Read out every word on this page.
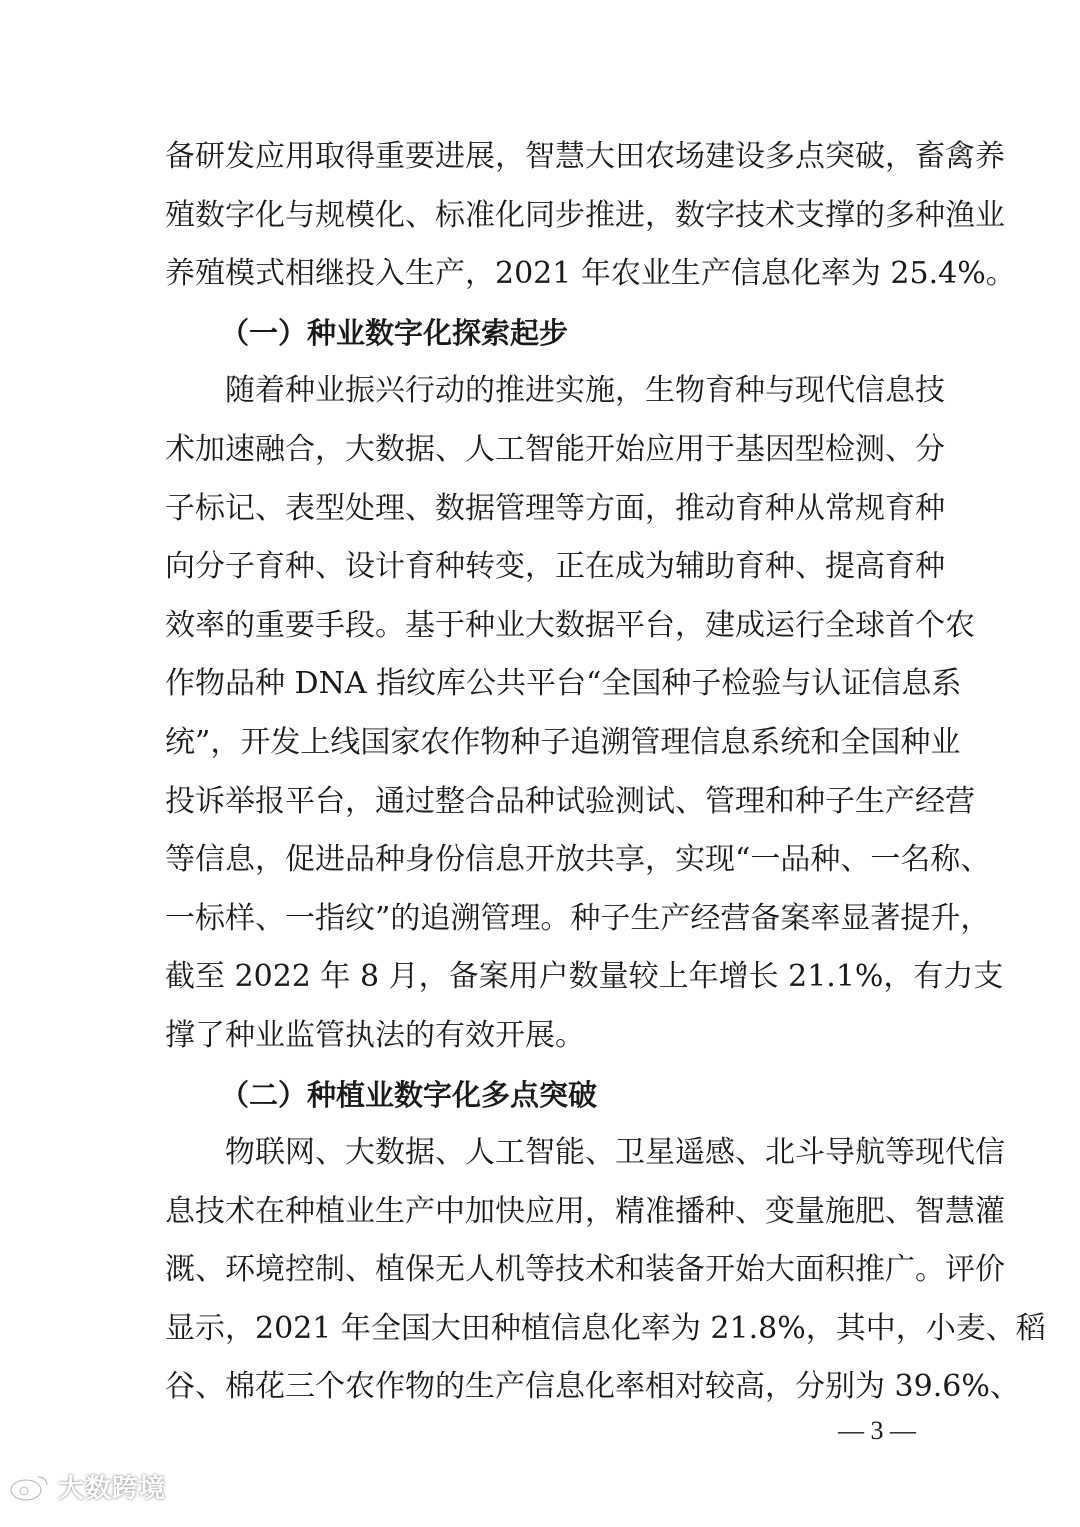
备研发应用取得重要进展，智慧大田农场建设多点突破，畜禽养
殖数字化与规模化、标准化同步推进，数字技术支撑的多种渔业
养殖模式相继投入生产，2021 年农业生产信息化率为 25.4%。

（一）种业数字化探索起步

随着种业振兴行动的推进实施，生物育种与现代信息技
术加速融合，大数据、人工智能开始应用于基因型检测、分
子标记、表型处理、数据管理等方面，推动育种从常规育种
向分子育种、设计育种转变，正在成为辅助育种、提高育种
效率的重要手段。基于种业大数据平台，建成运行全球首个农
作物品种 DNA 指纹库公共平台“全国种子检验与认证信息系
统”，开发上线国家农作物种子追溯管理信息系统和全国种业
投诉举报平台，通过整合品种试验测试、管理和种子生产经营
等信息，促进品种身份信息开放共享，实现“一品种、一名称、
一标样、一指纹”的追溯管理。种子生产经营备案率显著提升，
截至 2022 年 8 月，备案用户数量较上年增长 21.1%，有力支
撑了种业监管执法的有效开展。

（二）种植业数字化多点突破

物联网、大数据、人工智能、卫星遥感、北斗导航等现代信
息技术在种植业生产中加快应用，精准播种、变量施肥、智慧灌
溉、环境控制、植保无人机等技术和装备开始大面积推广。评价
显示，2021 年全国大田种植信息化率为 21.8%，其中，小麦、稻
谷、棉花三个农作物的生产信息化率相对较高，分别为 39.6%、

— 3 —
大数跨境
